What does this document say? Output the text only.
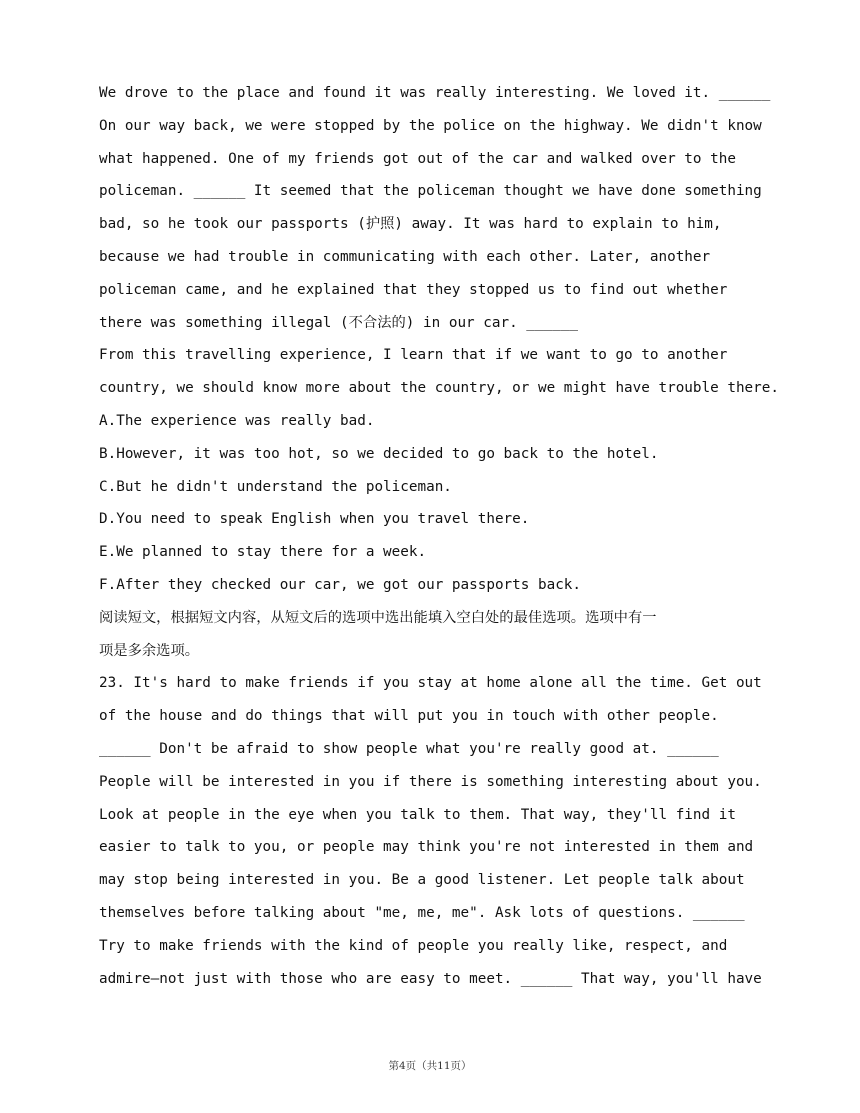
We drove to the place and found it was really interesting. We loved it. ______
On our way back, we were stopped by the police on the highway. We didn't know
what happened. One of my friends got out of the car and walked over to the
policeman. ______ It seemed that the policeman thought we have done something
bad, so he took our passports (护照) away. It was hard to explain to him,
because we had trouble in communicating with each other. Later, another
policeman came, and he explained that they stopped us to find out whether
there was something illegal (不合法的) in our car. ______
From this travelling experience, I learn that if we want to go to another
country, we should know more about the country, or we might have trouble there.
A.The experience was really bad.
B.However, it was too hot, so we decided to go back to the hotel.
C.But he didn't understand the policeman.
D.You need to speak English when you travel there.
E.We planned to stay there for a week.
F.After they checked our car, we got our passports back.
阅读短文，根据短文内容，从短文后的选项中选出能填入空白处的最佳选项。选项中有一
项是多余选项。
23. It's hard to make friends if you stay at home alone all the time. Get out
of the house and do things that will put you in touch with other people.
______ Don't be afraid to show people what you're really good at. ______
People will be interested in you if there is something interesting about you.
Look at people in the eye when you talk to them. That way, they'll find it
easier to talk to you, or people may think you're not interested in them and
may stop being interested in you. Be a good listener. Let people talk about
themselves before talking about "me, me, me". Ask lots of questions. ______
Try to make friends with the kind of people you really like, respect, and
admire—not just with those who are easy to meet. ______ That way, you'll have
第4页（共11页）
